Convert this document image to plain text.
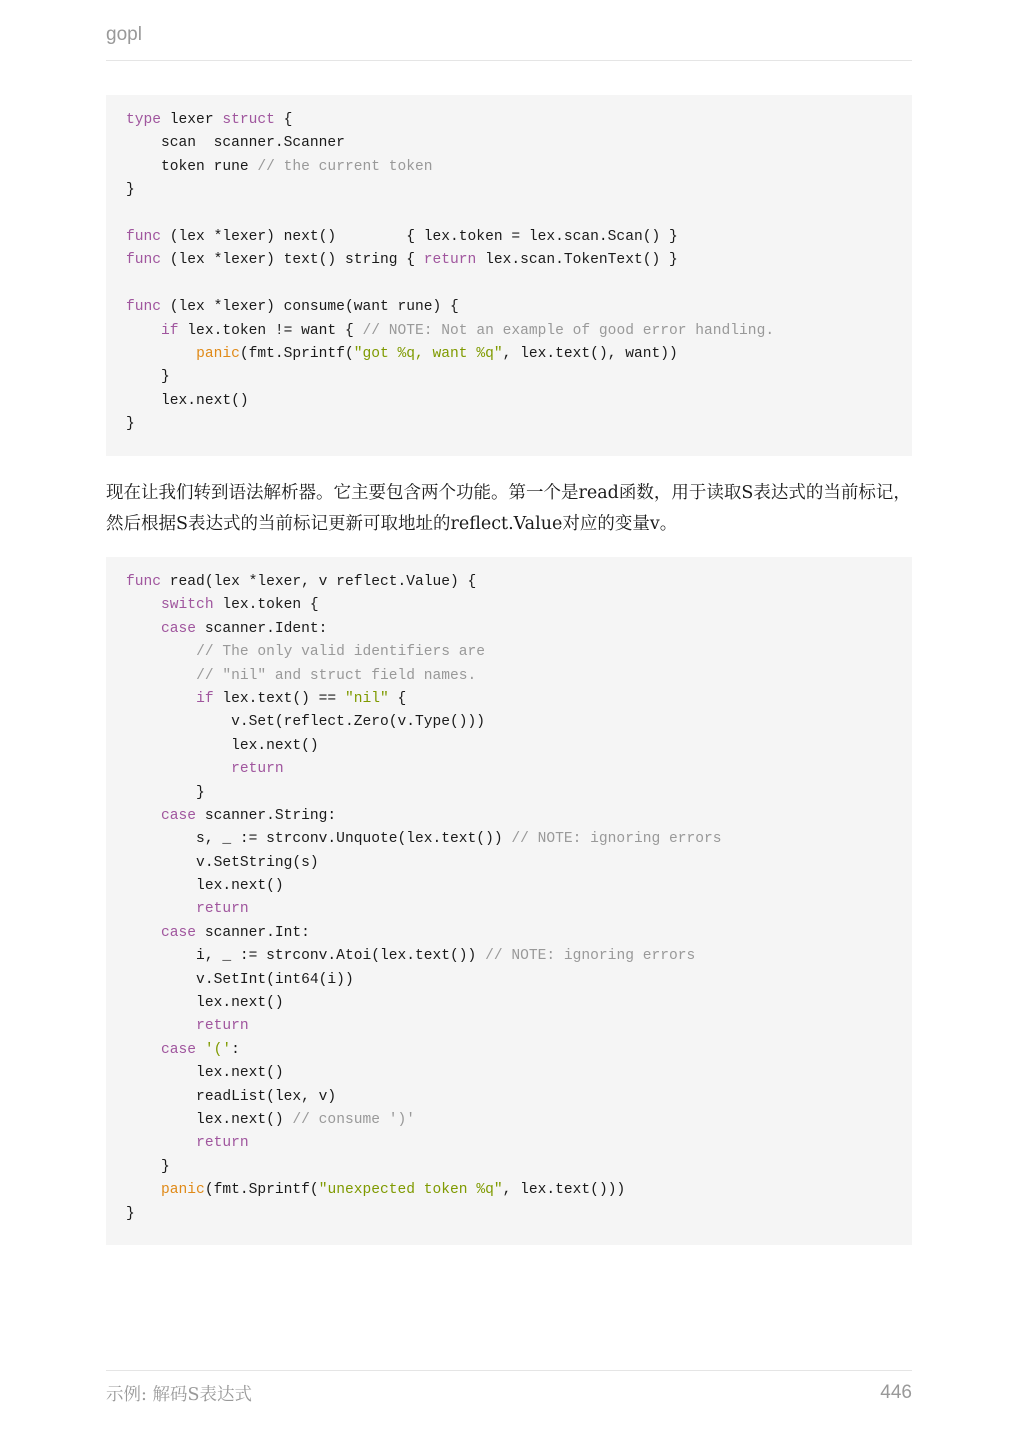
gopl
type lexer struct {
scan  scanner.Scanner
token rune // the current token
}
func (lex *lexer) next()        { lex.token = lex.scan.Scan() }
func (lex *lexer) text() string { return lex.scan.TokenText() }
func (lex *lexer) consume(want rune) {
if lex.token != want { // NOTE: Not an example of good error handling.
panic(fmt.Sprintf("got %q, want %q", lex.text(), want))
}
lex.next()
}

现在让我们转到语法解析器。它主要包含两个功能。第一个是read函数，用于读取S表达式的当前标记，然后根据S表达式的当前标记更新可取地址的reflect.Value对应的变量v。

func read(lex *lexer, v reflect.Value) {
switch lex.token {
case scanner.Ident:
// The only valid identifiers are
// "nil" and struct field names.
if lex.text() == "nil" {
v.Set(reflect.Zero(v.Type()))
lex.next()
return
}
case scanner.String:
s, _ := strconv.Unquote(lex.text()) // NOTE: ignoring errors
v.SetString(s)
lex.next()
return
case scanner.Int:
i, _ := strconv.Atoi(lex.text()) // NOTE: ignoring errors
v.SetInt(int64(i))
lex.next()
return
case '(':
lex.next()
readList(lex, v)
lex.next() // consume ')'
return
}
panic(fmt.Sprintf("unexpected token %q", lex.text()))
}
示例: 解码S表达式	446
